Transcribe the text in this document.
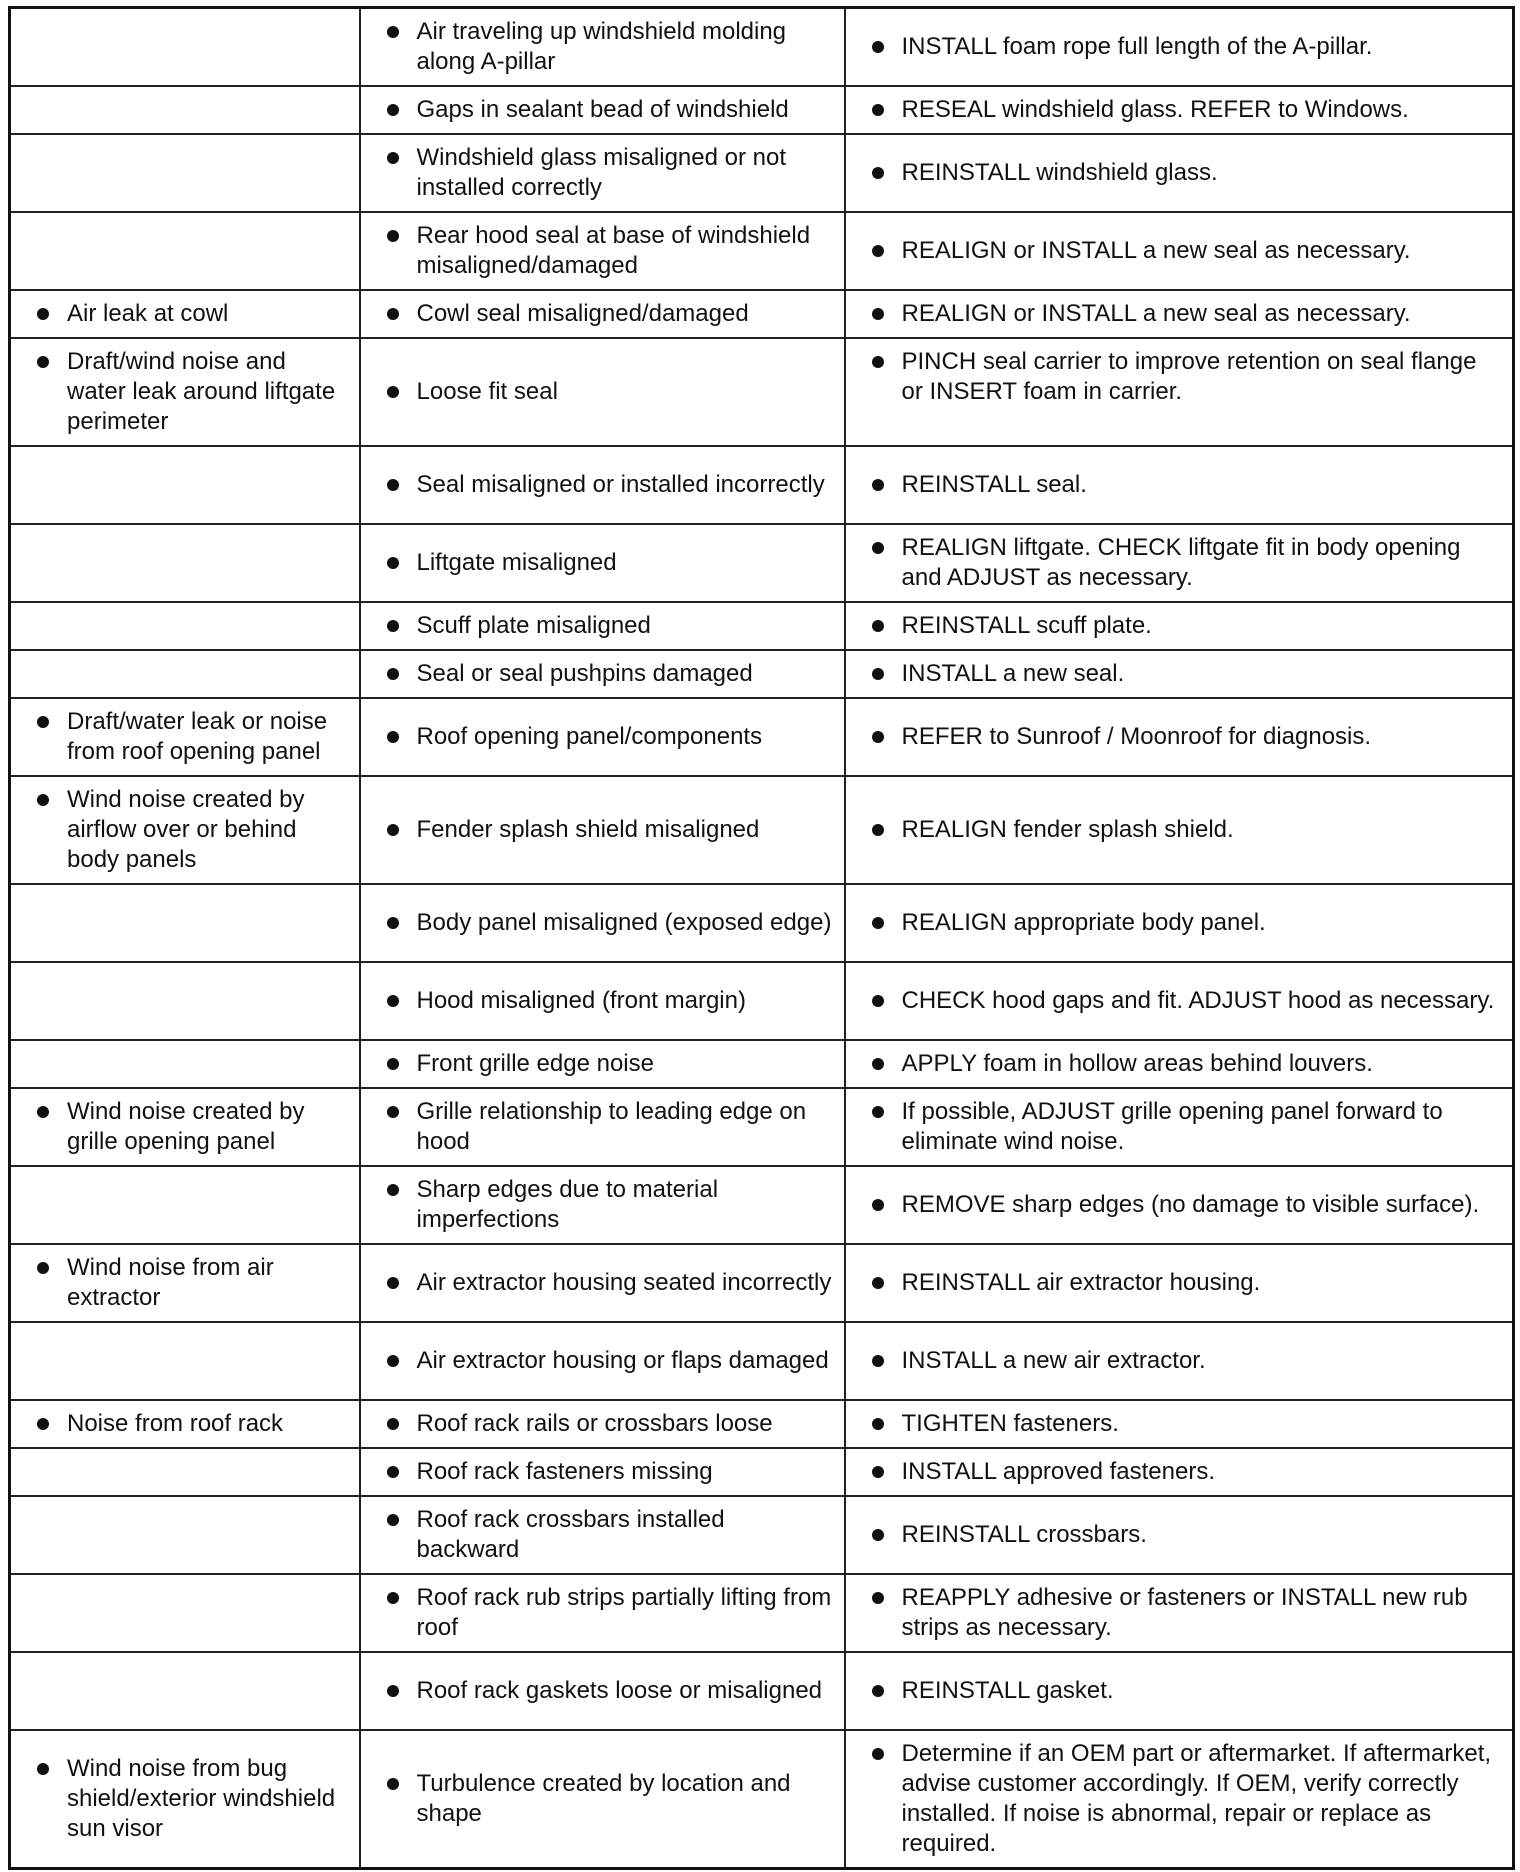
	Air traveling up windshield molding along A-pillar	INSTALL foam rope full length of the A-pillar.

	Gaps in sealant bead of windshield	RESEAL windshield glass. REFER to Windows.

	Windshield glass misaligned or not installed correctly	REINSTALL windshield glass.

	Rear hood seal at base of windshield misaligned/damaged	REALIGN or INSTALL a new seal as necessary.

Air leak at cowl	Cowl seal misaligned/damaged	REALIGN or INSTALL a new seal as necessary.

Draft/wind noise and water leak around liftgate perimeter	Loose fit seal	PINCH seal carrier to improve retention on seal flange or INSERT foam in carrier.

	Seal misaligned or installed incorrectly	REINSTALL seal.

	Liftgate misaligned	REALIGN liftgate. CHECK liftgate fit in body opening and ADJUST as necessary.

	Scuff plate misaligned	REINSTALL scuff plate.

	Seal or seal pushpins damaged	INSTALL a new seal.

Draft/water leak or noise from roof opening panel	Roof opening panel/components	REFER to Sunroof / Moonroof for diagnosis.

Wind noise created by airflow over or behind body panels	Fender splash shield misaligned	REALIGN fender splash shield.

	Body panel misaligned (exposed edge)	REALIGN appropriate body panel.

	Hood misaligned (front margin)	CHECK hood gaps and fit. ADJUST hood as necessary.

	Front grille edge noise	APPLY foam in hollow areas behind louvers.

Wind noise created by grille opening panel	Grille relationship to leading edge on hood	If possible, ADJUST grille opening panel forward to eliminate wind noise.

	Sharp edges due to material imperfections	REMOVE sharp edges (no damage to visible surface).

Wind noise from air extractor	Air extractor housing seated incorrectly	REINSTALL air extractor housing.

	Air extractor housing or flaps damaged	INSTALL a new air extractor.

Noise from roof rack	Roof rack rails or crossbars loose	TIGHTEN fasteners.

	Roof rack fasteners missing	INSTALL approved fasteners.

	Roof rack crossbars installed backward	REINSTALL crossbars.

	Roof rack rub strips partially lifting from roof	REAPPLY adhesive or fasteners or INSTALL new rub strips as necessary.

	Roof rack gaskets loose or misaligned	REINSTALL gasket.

Wind noise from bug shield/exterior windshield sun visor	Turbulence created by location and shape	Determine if an OEM part or aftermarket. If aftermarket, advise customer accordingly. If OEM, verify correctly installed. If noise is abnormal, repair or replace as required.
